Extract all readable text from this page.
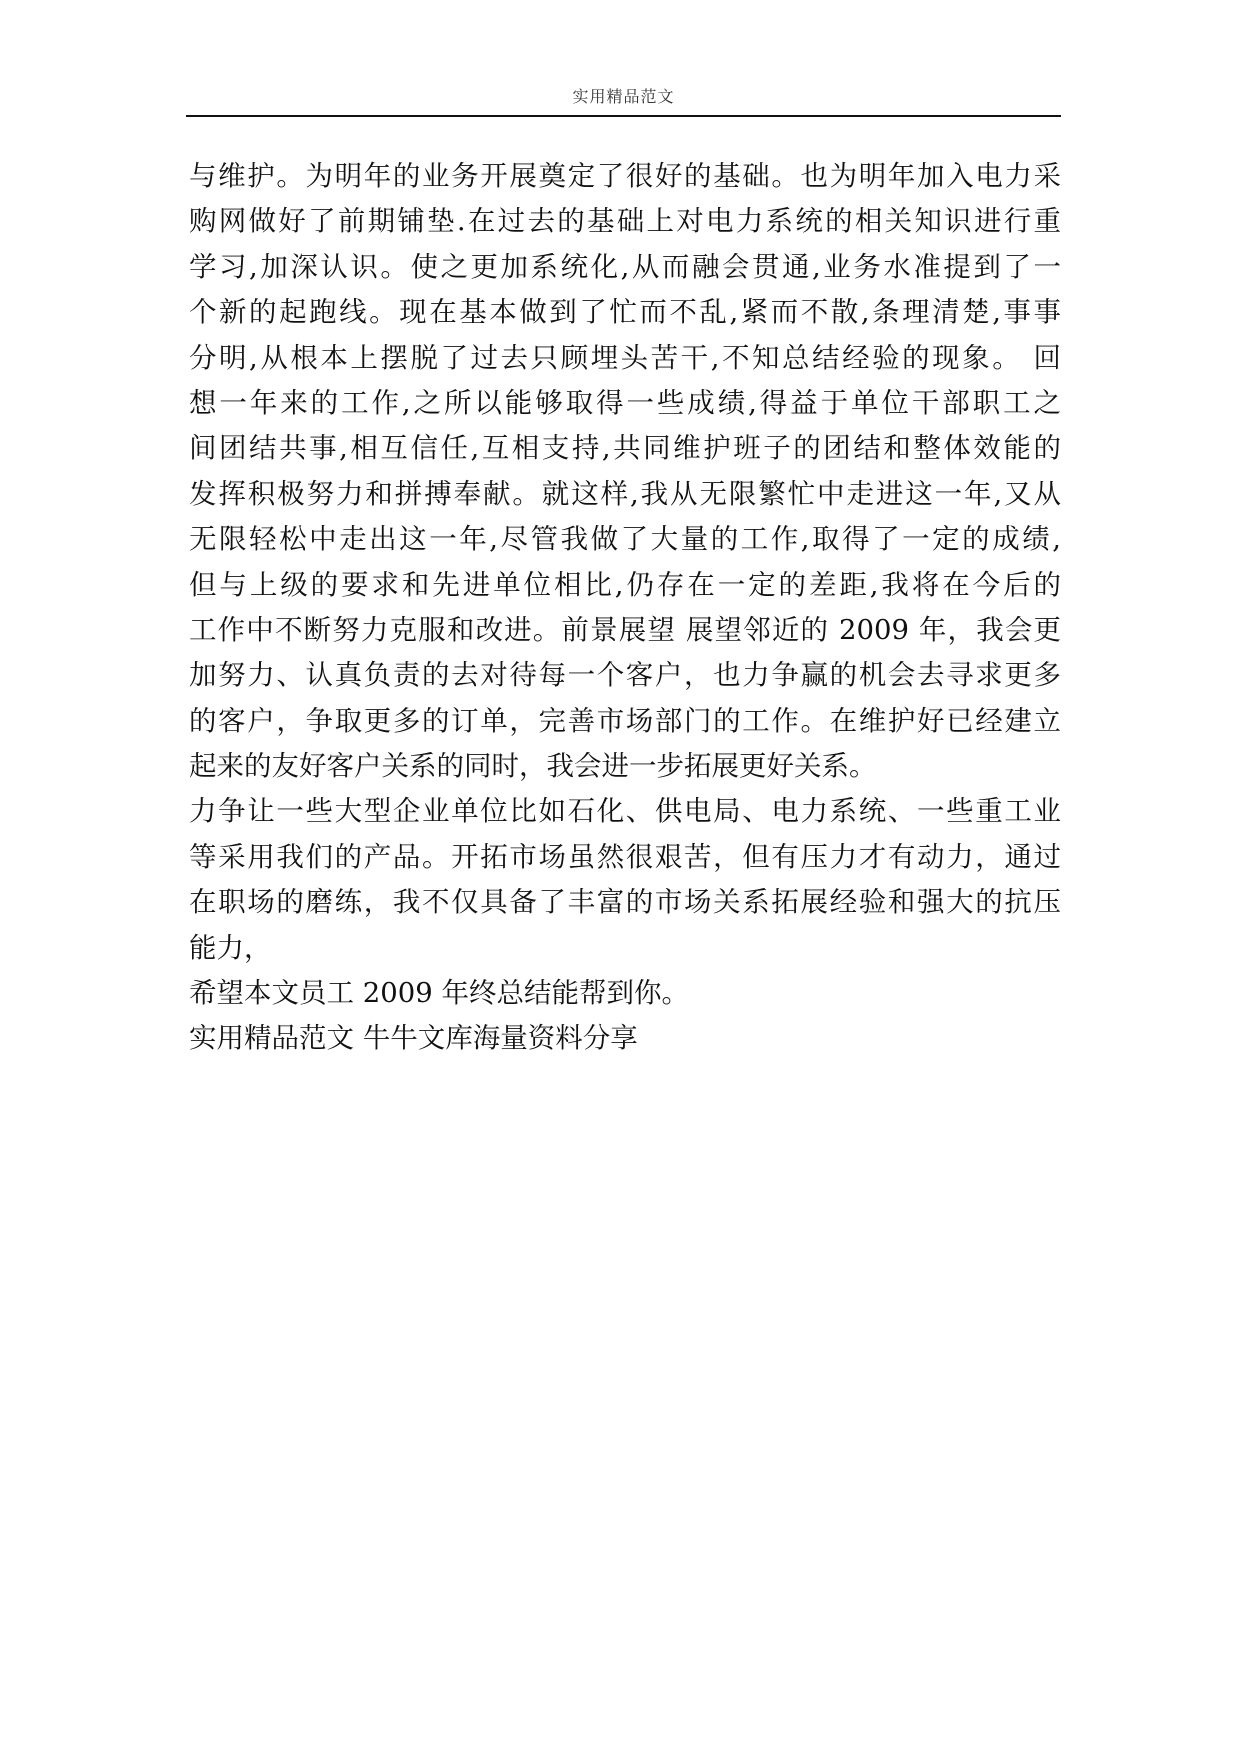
实用精品范文
与维护。为明年的业务开展奠定了很好的基础。也为明年加入电力采
购网做好了前期铺垫.在过去的基础上对电力系统的相关知识进行重
学习,加深认识。使之更加系统化,从而融会贯通,业务水准提到了一
个新的起跑线。现在基本做到了忙而不乱,紧而不散,条理清楚,事事
分明,从根本上摆脱了过去只顾埋头苦干,不知总结经验的现象。 回
想一年来的工作,之所以能够取得一些成绩,得益于单位干部职工之
间团结共事,相互信任,互相支持,共同维护班子的团结和整体效能的
发挥积极努力和拼搏奉献。就这样,我从无限繁忙中走进这一年,又从
无限轻松中走出这一年,尽管我做了大量的工作,取得了一定的成绩,
但与上级的要求和先进单位相比,仍存在一定的差距,我将在今后的
工作中不断努力克服和改进。前景展望 展望邻近的 2009 年，我会更
加努力、认真负责的去对待每一个客户，也力争赢的机会去寻求更多
的客户，争取更多的订单，完善市场部门的工作。在维护好已经建立
起来的友好客户关系的同时，我会进一步拓展更好关系。
力争让一些大型企业单位比如石化、供电局、电力系统、一些重工业
等采用我们的产品。开拓市场虽然很艰苦，但有压力才有动力，通过
在职场的磨练，我不仅具备了丰富的市场关系拓展经验和强大的抗压
能力，
希望本文员工 2009 年终总结能帮到你。
实用精品范文 牛牛文库海量资料分享
